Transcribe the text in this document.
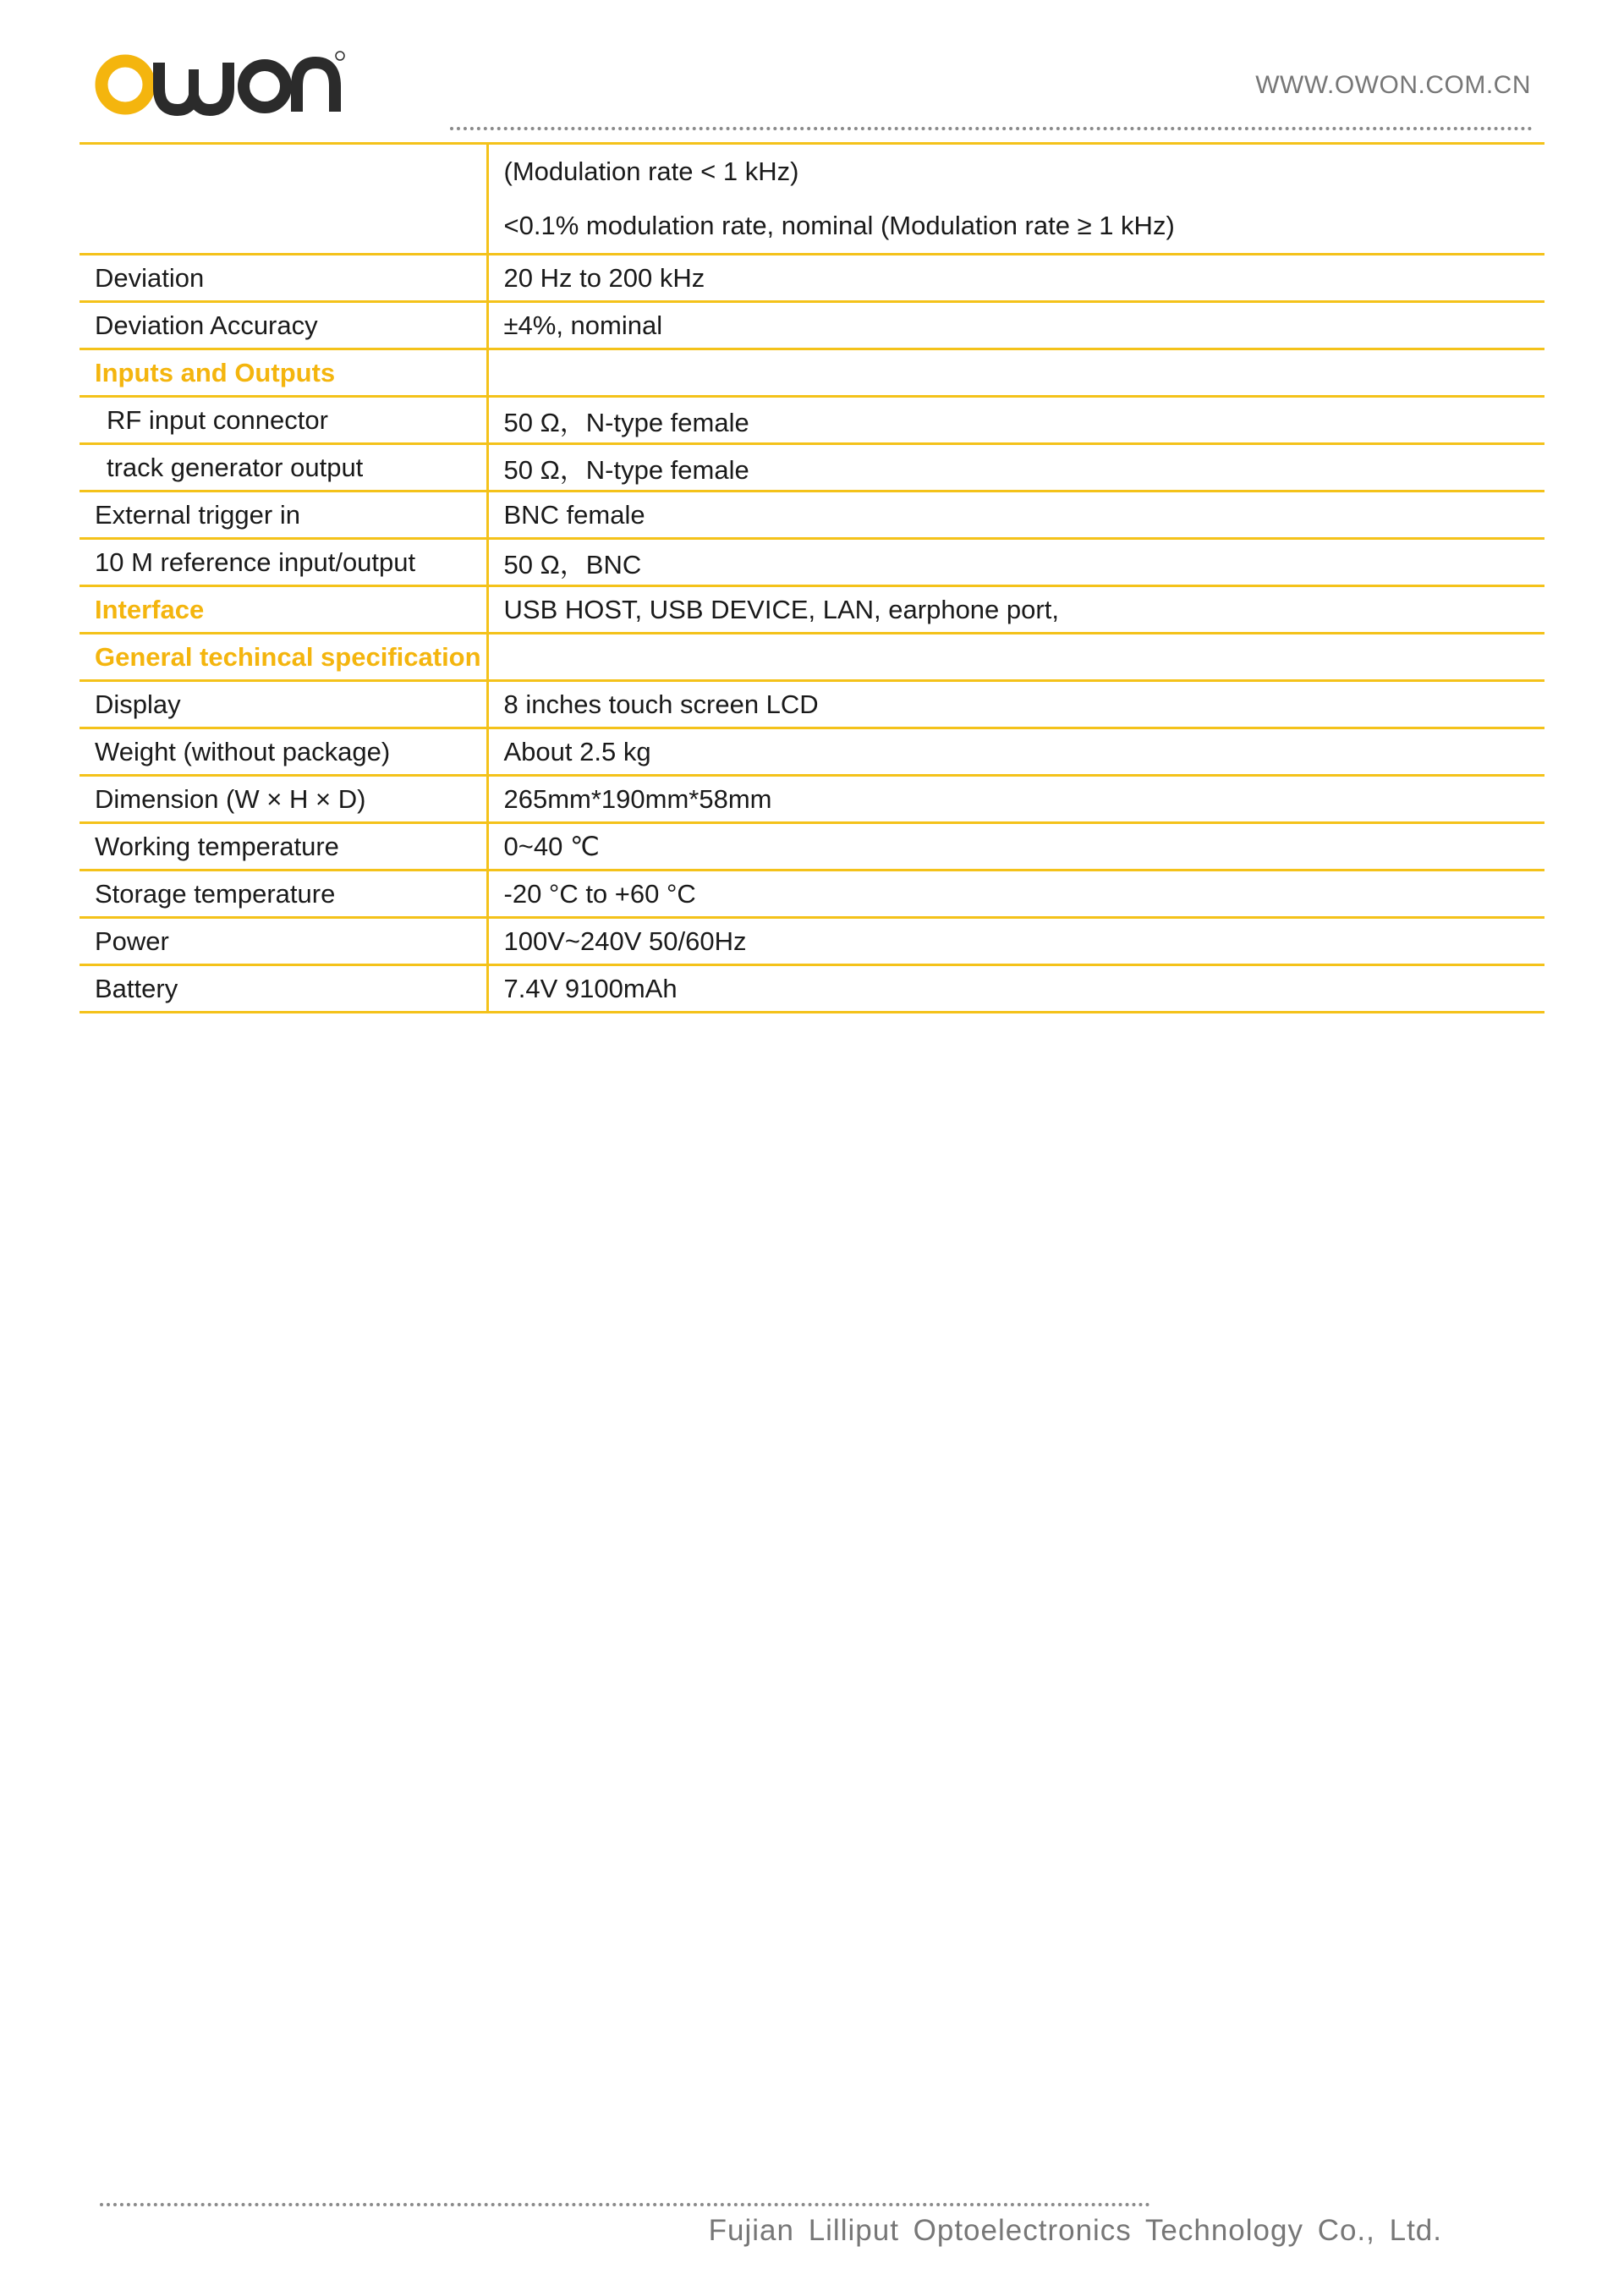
WWW.OWON.COM.CN

	(Modulation rate < 1 kHz)
<0.1% modulation rate, nominal (Modulation rate ≥ 1 kHz)

Deviation	20 Hz to 200 kHz
Deviation Accuracy	±4%, nominal
Inputs and Outputs	
RF input connector	50 Ω，N-type female
track generator output	50 Ω，N-type female
External trigger in	BNC female
10 M reference input/output	50 Ω，BNC
Interface	USB HOST, USB DEVICE, LAN, earphone port,
General techincal specification	
Display	8 inches touch screen LCD
Weight (without package)	About 2.5 kg
Dimension (W × H × D)	265mm*190mm*58mm
Working temperature	0~40 ℃
Storage temperature	-20 °C to +60 °C
Power	100V~240V 50/60Hz
Battery	7.4V 9100mAh
Fujian Lilliput Optoelectronics Technology Co., Ltd.
